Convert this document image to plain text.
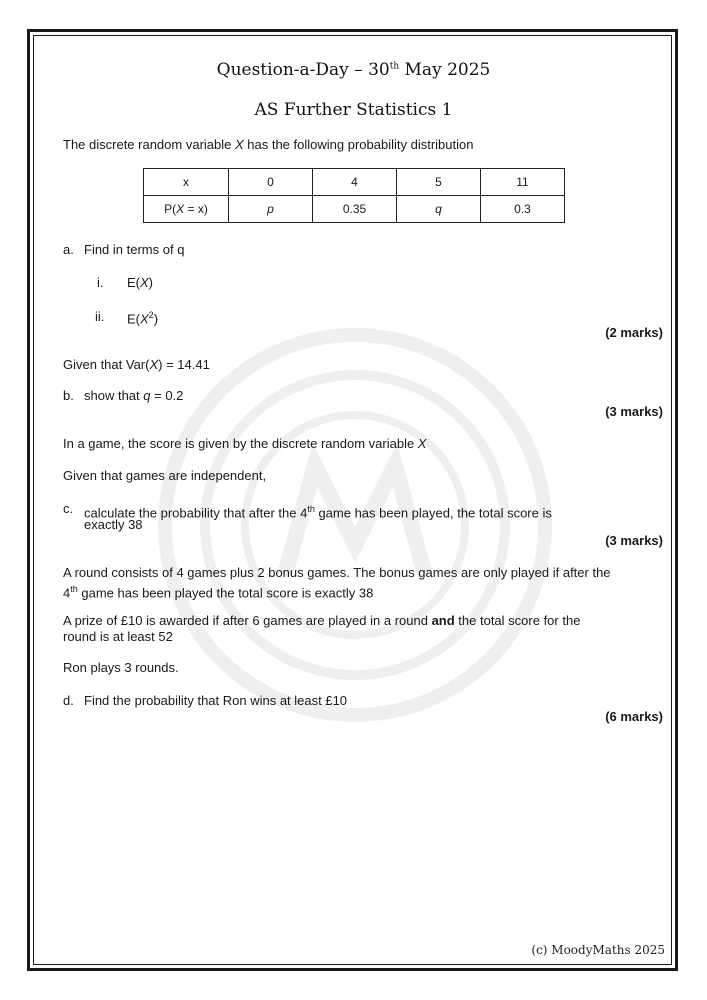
Question-a-Day – 30th May 2025
AS Further Statistics 1
The discrete random variable X has the following probability distribution
x	0	4	5	11
P(X = x)	p	0.35	q	0.3
a. Find in terms of q
i. E(X)
ii. $E(X^2)$
(2 marks)
Given that Var(X) = 14.41
b. show that q = 0.2
(3 marks)
In a game, the score is given by the discrete random variable X
Given that games are independent,
c. calculate the probability that after the 4th game has been played, the total score is
exactly 38
(3 marks)
A round consists of 4 games plus 2 bonus games. The bonus games are only played if after the
4th game has been played the total score is exactly 38
A prize of £10 is awarded if after 6 games are played in a round and the total score for the
round is at least 52
Ron plays 3 rounds.
d. Find the probability that Ron wins at least £10
(6 marks)
(c) MoodyMaths 2025
